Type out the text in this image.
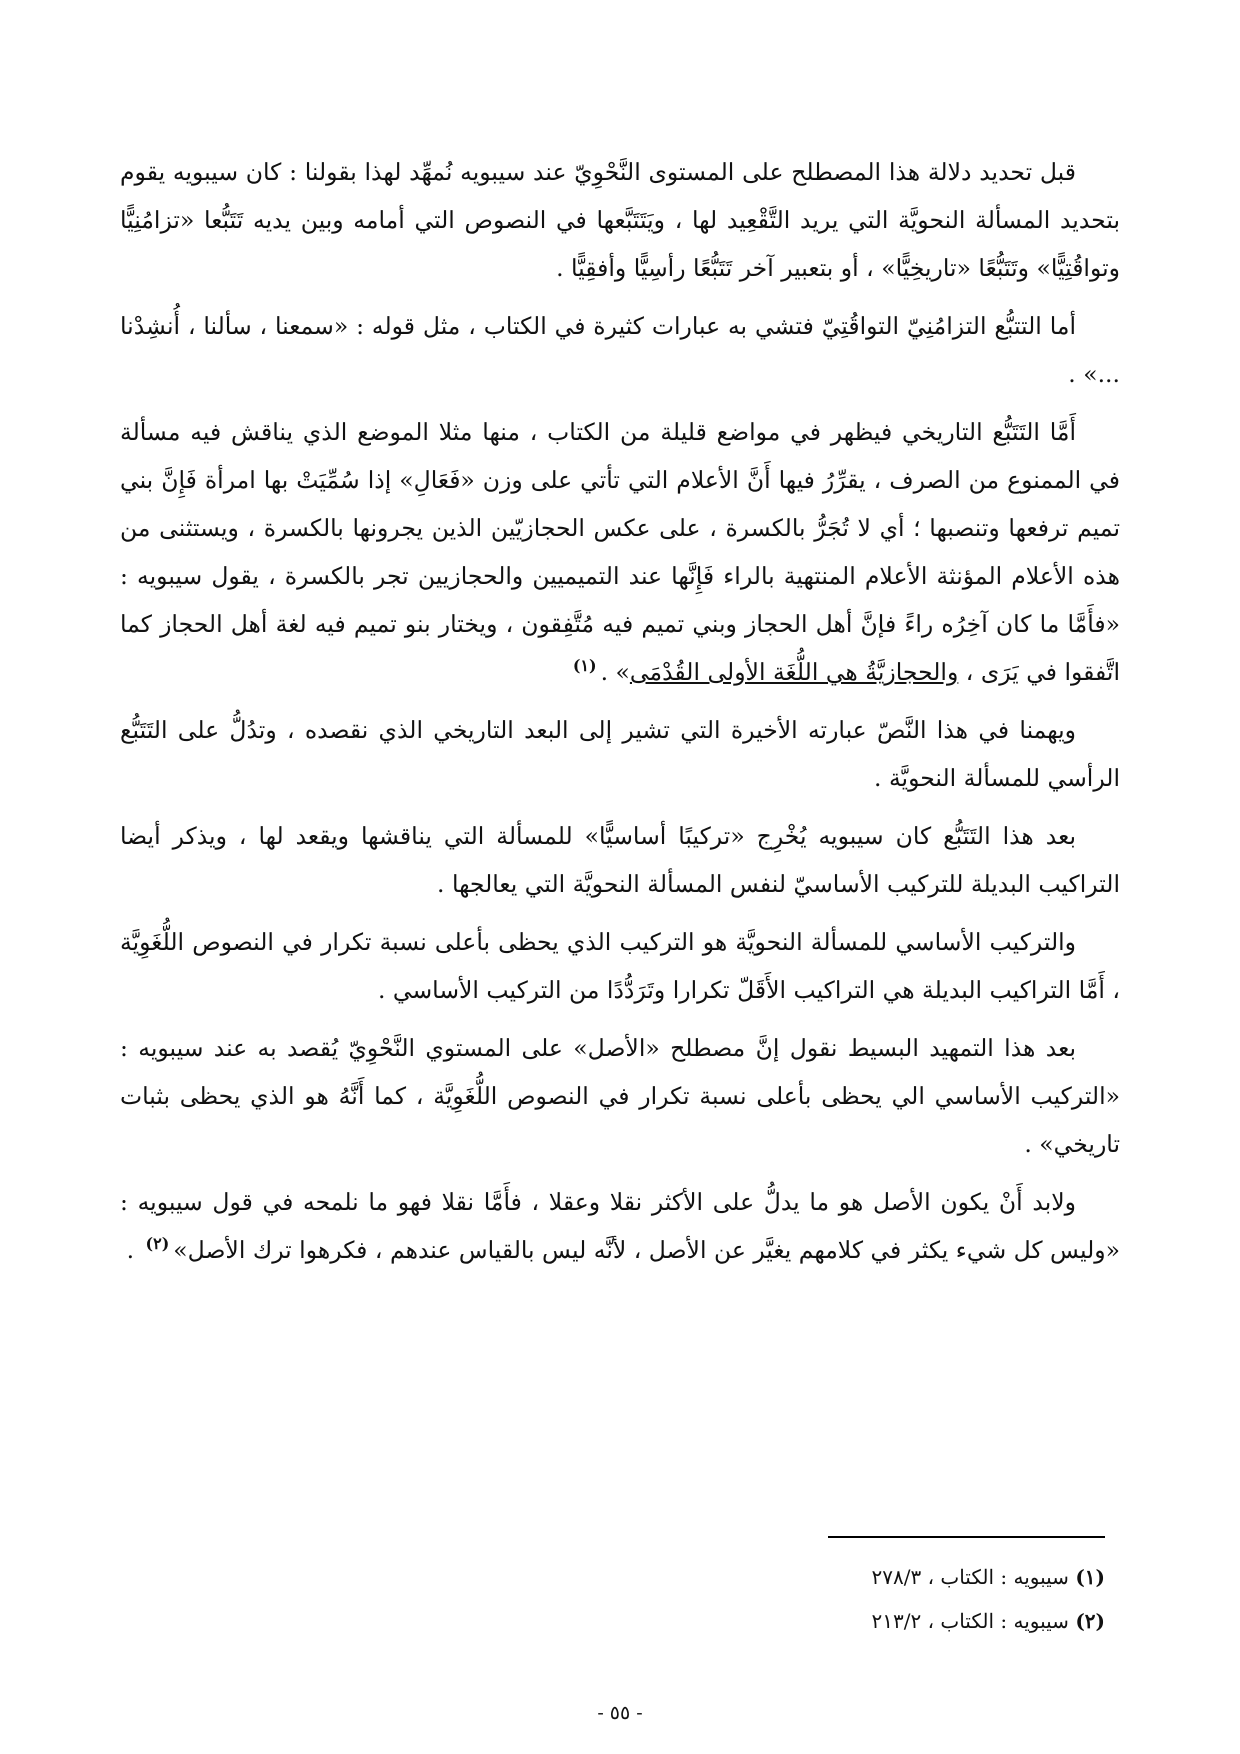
قبل تحديد دلالة هذا المصطلح على المستوى النَّحْوِيّ عند سيبويه نُمهِّد لهذا بقولنا : كان سيبويه يقوم بتحديد المسألة النحويَّة التي يريد التَّقْعِيد لها ، ويَتَتَبَّعها في النصوص التي أمامه وبين يديه تَتَبُّعا «تزامُنِيًّا وتواقُتِيًّا» وتَتَبُّعًا «تاريخِيًّا» ، أو بتعبير آخر تَتَبُّعًا رأسِيًّا وأفقِيًّا .

أما التتبُّع التزامُنِيّ التواقُتِيّ فتشي به عبارات كثيرة في الكتاب ، مثل قوله : «سمعنا ، سألنا ، أُنشِدْنا ...» .

أَمَّا التَتَبُّع التاريخي فيظهر في مواضع قليلة من الكتاب ، منها مثلا الموضع الذي يناقش فيه مسألة في الممنوع من الصرف ، يقرِّرُ فيها أَنَّ الأعلام التي تأتي على وزن «فَعَالِ» إذا سُمِّيَتْ بها امرأة فَإِنَّ بني تميم ترفعها وتنصبها ؛ أي لا تُجَرُّ بالكسرة ، على عكس الحجازيّين الذين يجرونها بالكسرة ، ويستثنى من هذه الأعلام المؤنثة الأعلام المنتهية بالراء فَإِنَّها عند التميميين والحجازيين تجر بالكسرة ، يقول سيبويه : «فأَمَّا ما كان آخِرُه راءً فإنَّ أهل الحجاز وبني تميم فيه مُتَّفِقون ، ويختار بنو تميم فيه لغة أهل الحجاز كما اتَّفقوا في يَرَى ، والحجازيَّةُ هي اللُّغَة الأولى القُدْمَى» .$^{(١)}$

ويهمنا في هذا النَّصّ عبارته الأخيرة التي تشير إلى البعد التاريخي الذي نقصده ، وتدُلُّ على التَتَبُّع الرأسي للمسألة النحويَّة .

بعد هذا التَتَبُّع كان سيبويه يُخْرِج «تركيبًا أساسيًّا» للمسألة التي يناقشها ويقعد لها ، ويذكر أيضا التراكيب البديلة للتركيب الأساسيّ لنفس المسألة النحويَّة التي يعالجها .

والتركيب الأساسي للمسألة النحويَّة هو التركيب الذي يحظى بأعلى نسبة تكرار في النصوص اللُّغَوِيَّة ، أَمَّا التراكيب البديلة هي التراكيب الأَقَلّ تكرارا وتَرَدُّدًا من التركيب الأساسي .

بعد هذا التمهيد البسيط نقول إنَّ مصطلح «الأصل» على المستوي النَّحْوِيّ يُقصد به عند سيبويه : «التركيب الأساسي الي يحظى بأعلى نسبة تكرار في النصوص اللُّغَوِيَّة ، كما أَنَّهُ هو الذي يحظى بثبات تاريخي» .

ولابد أَنْ يكون الأصل هو ما يدلُّ على الأكثر نقلا وعقلا ، فأَمَّا نقلا فهو ما نلمحه في قول سيبويه : «وليس كل شيء يكثر في كلامهم يغيَّر عن الأصل ، لأنَّه ليس بالقياس عندهم ، فكرهوا ترك الأصل»$^{(٢)}$ .

(١) سيبويه : الكتاب ، ٢٧٨/٣
(٢) سيبويه : الكتاب ، ٢١٣/٢
- ٥٥ -
